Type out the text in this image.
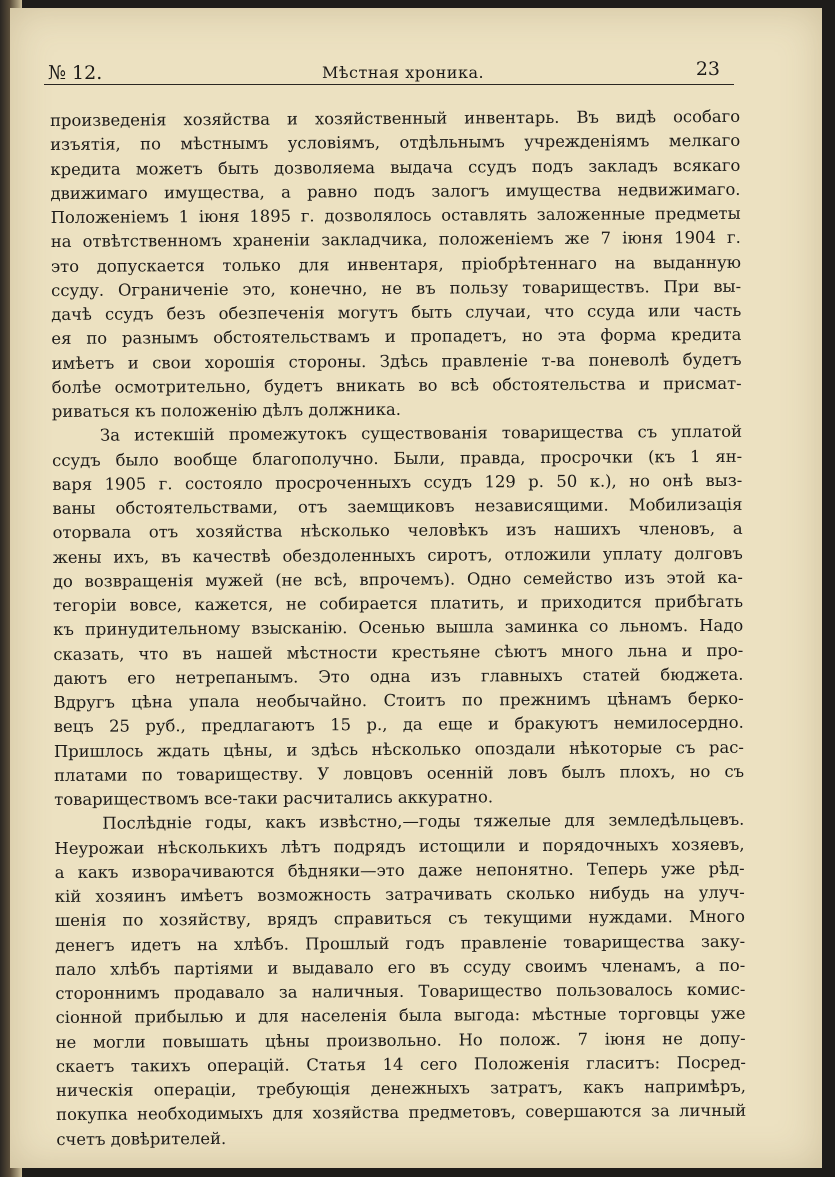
№ 12.	Мѣстная хроника.	23
произведенія хозяйства и хозяйственный инвентарь. Въ видѣ особаго
изъятія, по мѣстнымъ условіямъ, отдѣльнымъ учрежденіямъ мелкаго
кредита можетъ быть дозволяема выдача ссудъ подъ закладъ всякаго
движимаго имущества, а равно подъ залогъ имущества недвижимаго.
Положеніемъ 1 іюня 1895 г. дозволялось оставлять заложенные предметы
на отвѣтственномъ храненіи закладчика, положеніемъ же 7 іюня 1904 г.
это допускается только для инвентаря, пріобрѣтеннаго на выданную
ссуду. Ограниченіе это, конечно, не въ пользу товариществъ. При вы-
дачѣ ссудъ безъ обезпеченія могутъ быть случаи, что ссуда или часть
ея по разнымъ обстоятельствамъ и пропадетъ, но эта форма кредита
имѣетъ и свои хорошія стороны. Здѣсь правленіе т-ва поневолѣ будетъ
болѣе осмотрительно, будетъ вникать во всѣ обстоятельства и присмат-
риваться къ положенію дѣлъ должника.
За истекшій промежутокъ существованія товарищества съ уплатой
ссудъ было вообще благополучно. Были, правда, просрочки (къ 1 ян-
варя 1905 г. состояло просроченныхъ ссудъ 129 р. 50 к.), но онѣ выз-
ваны обстоятельствами, отъ заемщиковъ независящими. Мобилизація
оторвала отъ хозяйства нѣсколько человѣкъ изъ нашихъ членовъ, а
жены ихъ, въ качествѣ обездоленныхъ сиротъ, отложили уплату долговъ
до возвращенія мужей (не всѣ, впрочемъ). Одно семейство изъ этой ка-
тегоріи вовсе, кажется, не собирается платить, и приходится прибѣгать
къ принудительному взысканію. Осенью вышла заминка со льномъ. Надо
сказать, что въ нашей мѣстности крестьяне сѣютъ много льна и про-
даютъ его нетрепанымъ. Это одна изъ главныхъ статей бюджета.
Вдругъ цѣна упала необычайно. Стоитъ по прежнимъ цѣнамъ берко-
вецъ 25 руб., предлагаютъ 15 р., да еще и бракуютъ немилосердно.
Пришлось ждать цѣны, и здѣсь нѣсколько опоздали нѣкоторые съ рас-
платами по товариществу. У ловцовъ осенній ловъ былъ плохъ, но съ
товариществомъ все-таки расчитались аккуратно.
Послѣдніе годы, какъ извѣстно,—годы тяжелые для земледѣльцевъ.
Неурожаи нѣсколькихъ лѣтъ подрядъ истощили и порядочныхъ хозяевъ,
а какъ изворачиваются бѣдняки—это даже непонятно. Теперь уже рѣд-
кій хозяинъ имѣетъ возможность затрачивать сколько нибудь на улуч-
шенія по хозяйству, врядъ справиться съ текущими нуждами. Много
денегъ идетъ на хлѣбъ. Прошлый годъ правленіе товарищества заку-
пало хлѣбъ партіями и выдавало его въ ссуду своимъ членамъ, а по-
стороннимъ продавало за наличныя. Товарищество пользовалось комис-
сіонной прибылью и для населенія была выгода: мѣстные торговцы уже
не могли повышать цѣны произвольно. Но полож. 7 іюня не допу-
скаетъ такихъ операцій. Статья 14 сего Положенія гласитъ: Посред-
ническія операціи, требующія денежныхъ затратъ, какъ напримѣръ,
покупка необходимыхъ для хозяйства предметовъ, совершаются за личный
счетъ довѣрителей.
